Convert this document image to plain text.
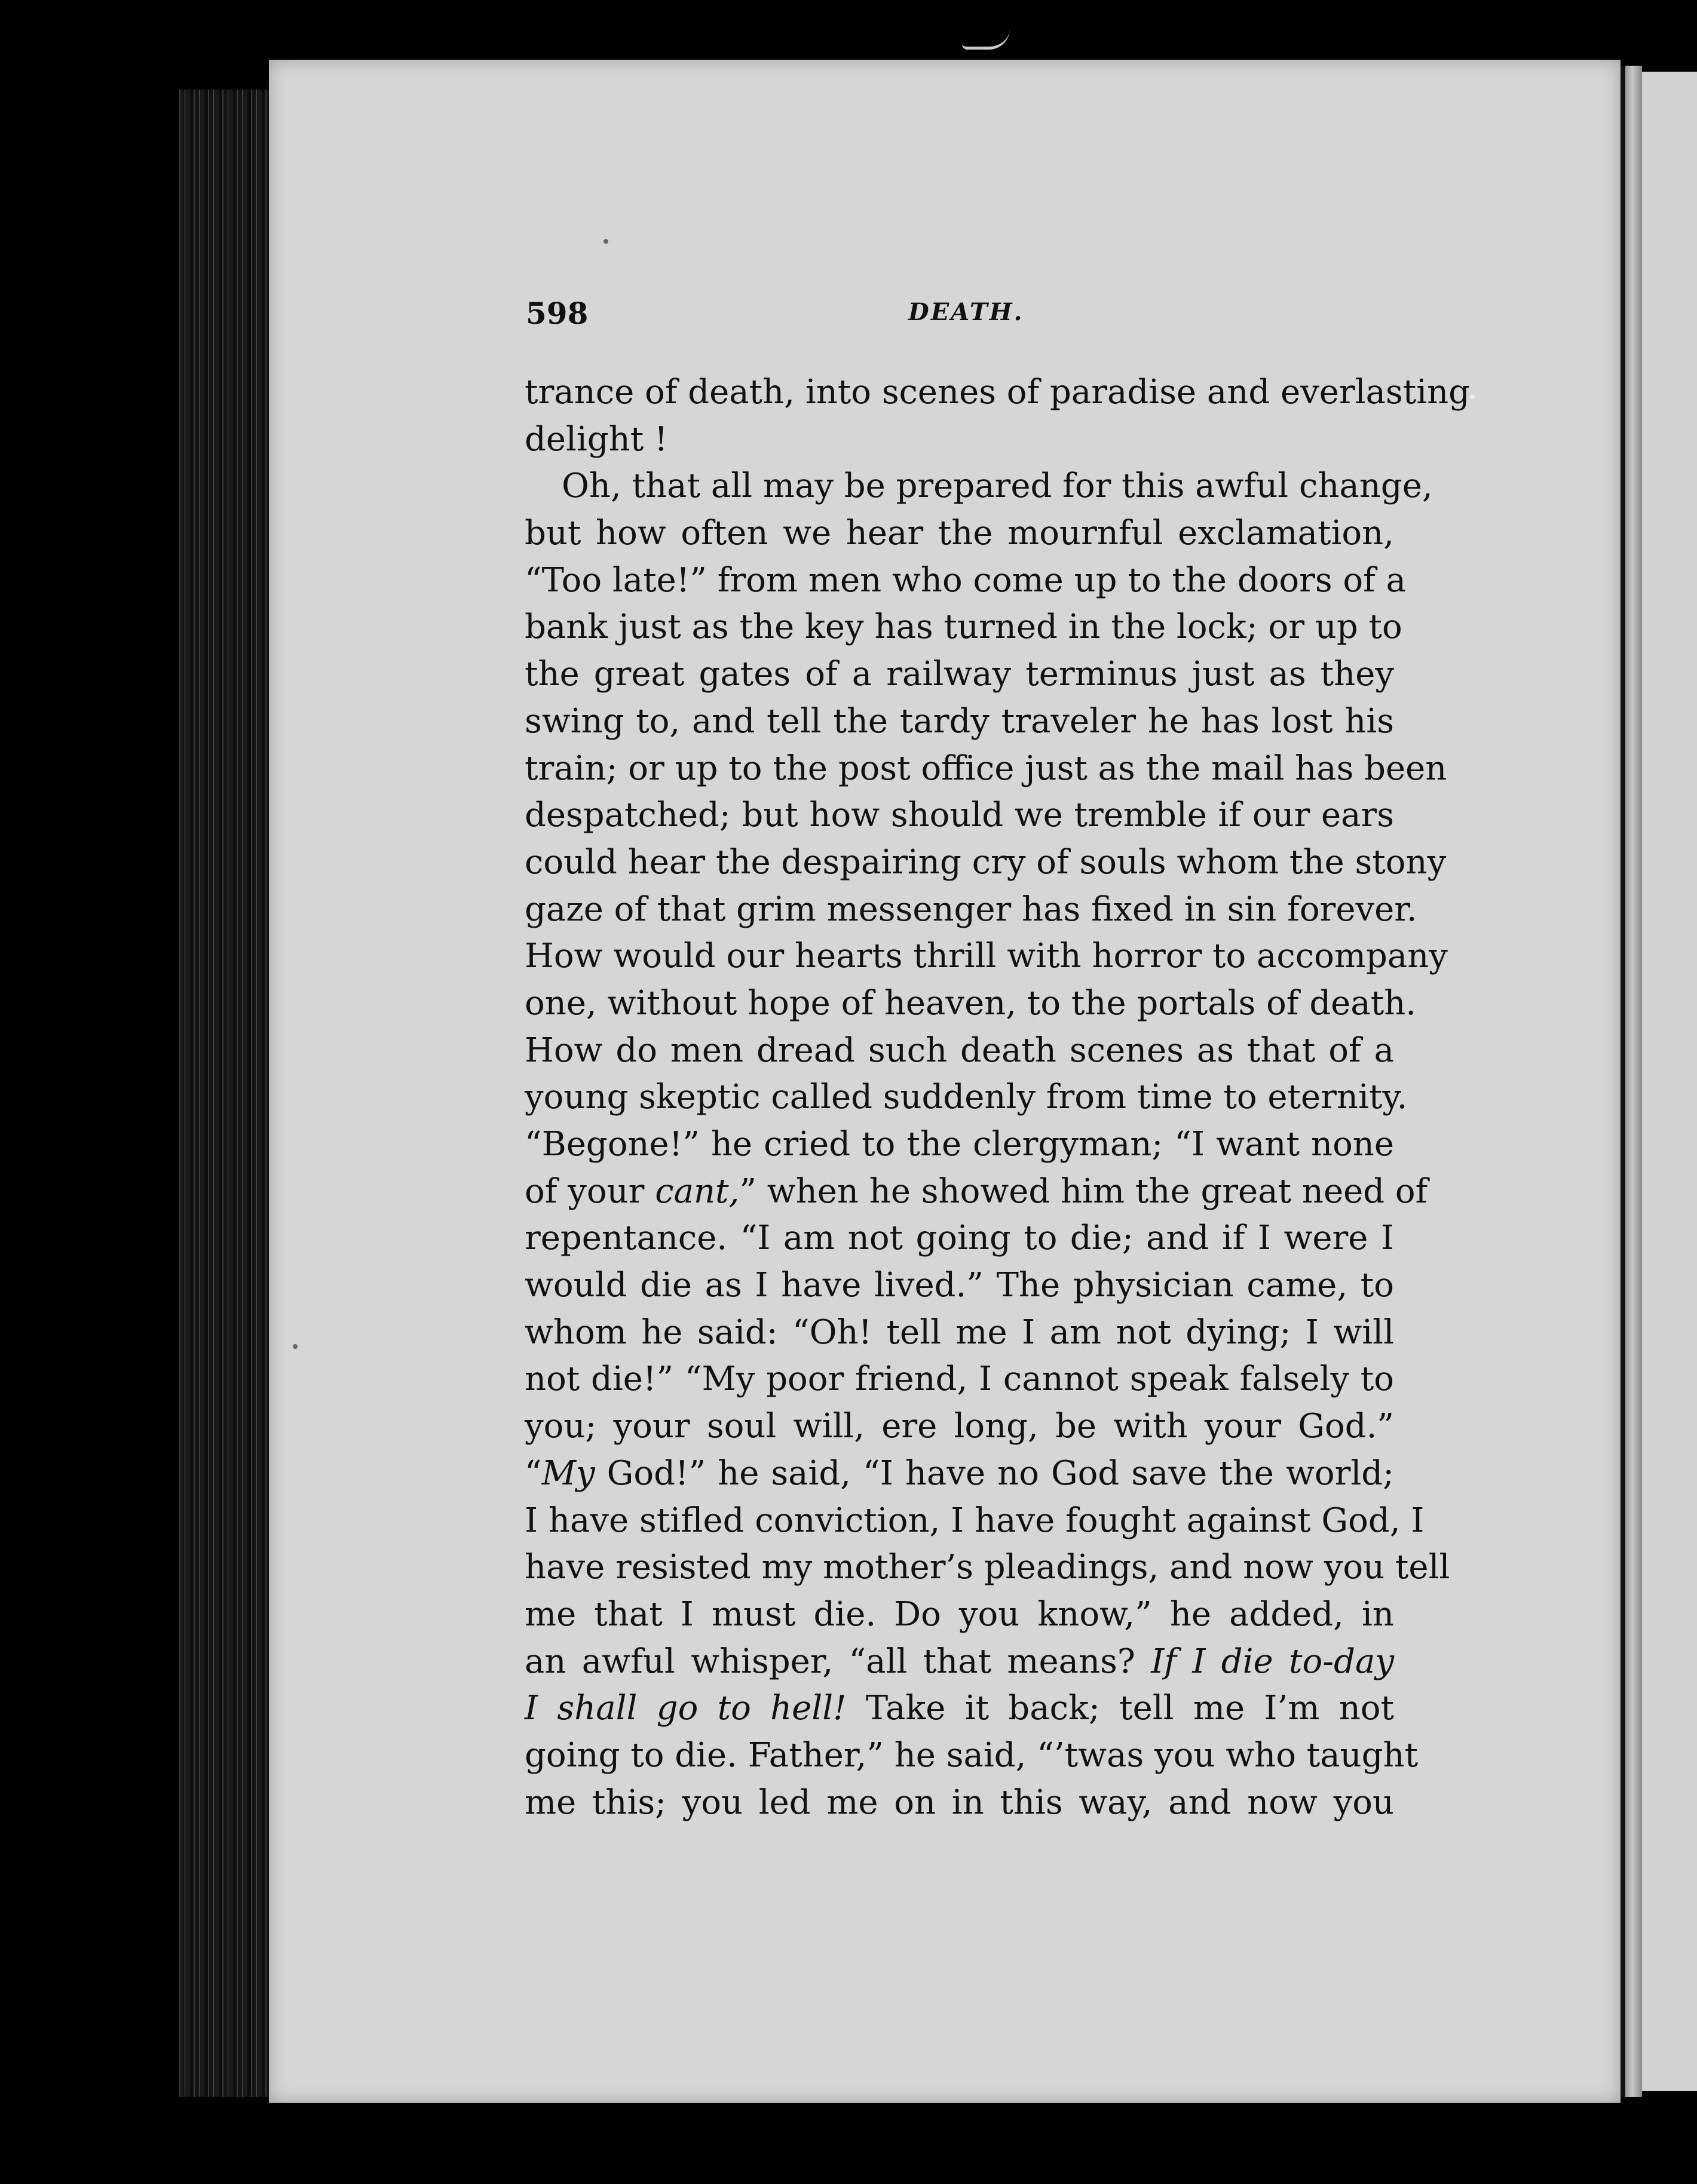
598	DEATH.
trance of death, into scenes of paradise and everlasting
delight !
Oh, that all may be prepared for this awful change,
but how often we hear the mournful exclamation,
“Too late!” from men who come up to the doors of a
bank just as the key has turned in the lock; or up to
the great gates of a railway terminus just as they
swing to, and tell the tardy traveler he has lost his
train; or up to the post office just as the mail has been
despatched; but how should we tremble if our ears
could hear the despairing cry of souls whom the stony
gaze of that grim messenger has fixed in sin forever.
How would our hearts thrill with horror to accompany
one, without hope of heaven, to the portals of death.
How do men dread such death scenes as that of a
young skeptic called suddenly from time to eternity.
“Begone!” he cried to the clergyman; “I want none
of your cant,” when he showed him the great need of
repentance. “I am not going to die; and if I were I
would die as I have lived.” The physician came, to
whom he said: “Oh! tell me I am not dying; I will
not die!” “My poor friend, I cannot speak falsely to
you; your soul will, ere long, be with your God.”
“My God!” he said, “I have no God save the world;
I have stifled conviction, I have fought against God, I
have resisted my mother’s pleadings, and now you tell
me that I must die. Do you know,” he added, in
an awful whisper, “all that means? If I die to-day
I shall go to hell! Take it back; tell me I’m not
going to die. Father,” he said, “’twas you who taught
me this; you led me on in this way, and now you
